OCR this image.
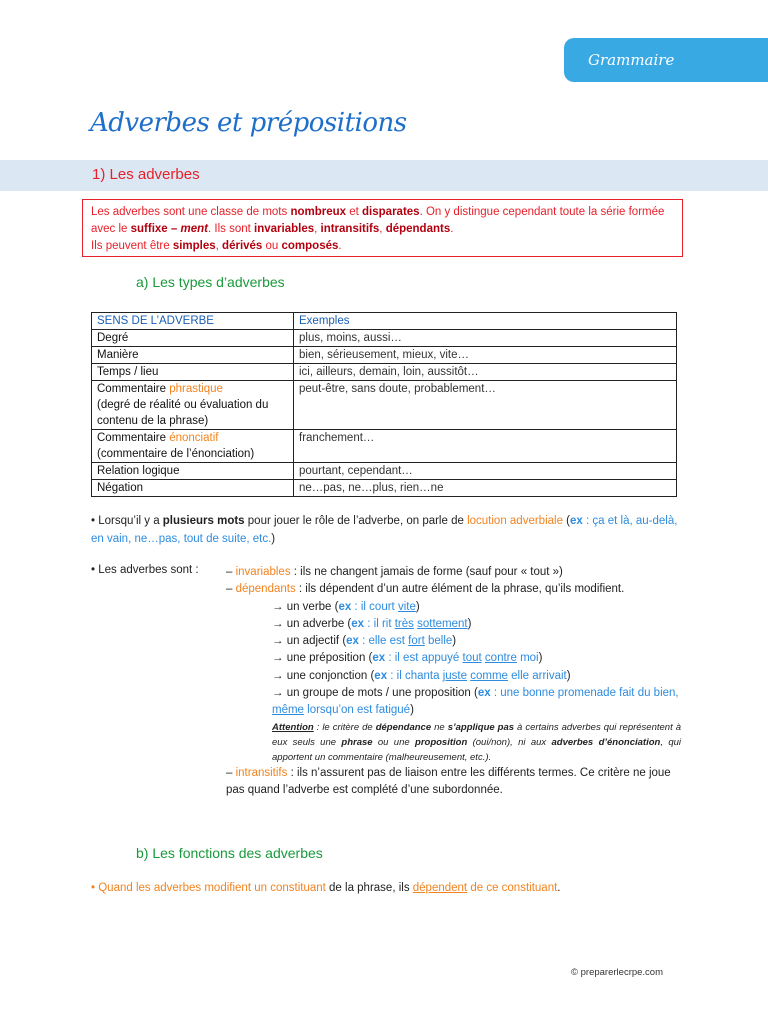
Grammaire
Adverbes et prépositions
1) Les adverbes

Les adverbes sont une classe de mots nombreux et disparates. On y distingue cependant toute la série formée avec le suffixe – ment. Ils sont invariables, intransitifs, dépendants.

Ils peuvent être simples, dérivés ou composés.

a) Les types d’adverbes
SENS DE L’ADVERBE	Exemples
Degré	plus, moins, aussi…
Manière	bien, sérieusement, mieux, vite…
Temps / lieu	ici, ailleurs, demain, loin, aussitôt…
Commentaire phrastique
(degré de réalité ou évaluation du contenu de la phrase)	peut-être, sans doute, probablement…
Commentaire énonciatif
(commentaire de l’énonciation)	franchement…
Relation logique	pourtant, cependant…
Négation	ne…pas, ne…plus, rien…ne

• Lorsqu’il y a plusieurs mots pour jouer le rôle de l’adverbe, on parle de locution adverbiale (ex : ça et là, au-delà, en vain, ne…pas, tout de suite, etc.)

• Les adverbes sont : – invariables : ils ne changent jamais de forme (sauf pour « tout »)

– dépendants : ils dépendent d’un autre élément de la phrase, qu’ils modifient.

→ un verbe (ex : il court vite)

→ un adverbe (ex : il rit très sottement)

→ un adjectif (ex : elle est fort belle)

→ une préposition (ex : il est appuyé tout contre moi)

→ une conjonction (ex : il chanta juste comme elle arrivait)

→ un groupe de mots / une proposition (ex : une bonne promenade fait du bien, même lorsqu’on est fatigué)

Attention : le critère de dépendance ne s’applique pas à certains adverbes qui représentent à eux seuls une phrase ou une proposition (oui/non), ni aux adverbes d’énonciation, qui apportent un commentaire (malheureusement, etc.).

– intransitifs : ils n’assurent pas de liaison entre les différents termes. Ce critère ne joue pas quand l’adverbe est complété d’une subordonnée.

b) Les fonctions des adverbes

• Quand les adverbes modifient un constituant de la phrase, ils dépendent de ce constituant.

© preparerlecrpe.com
